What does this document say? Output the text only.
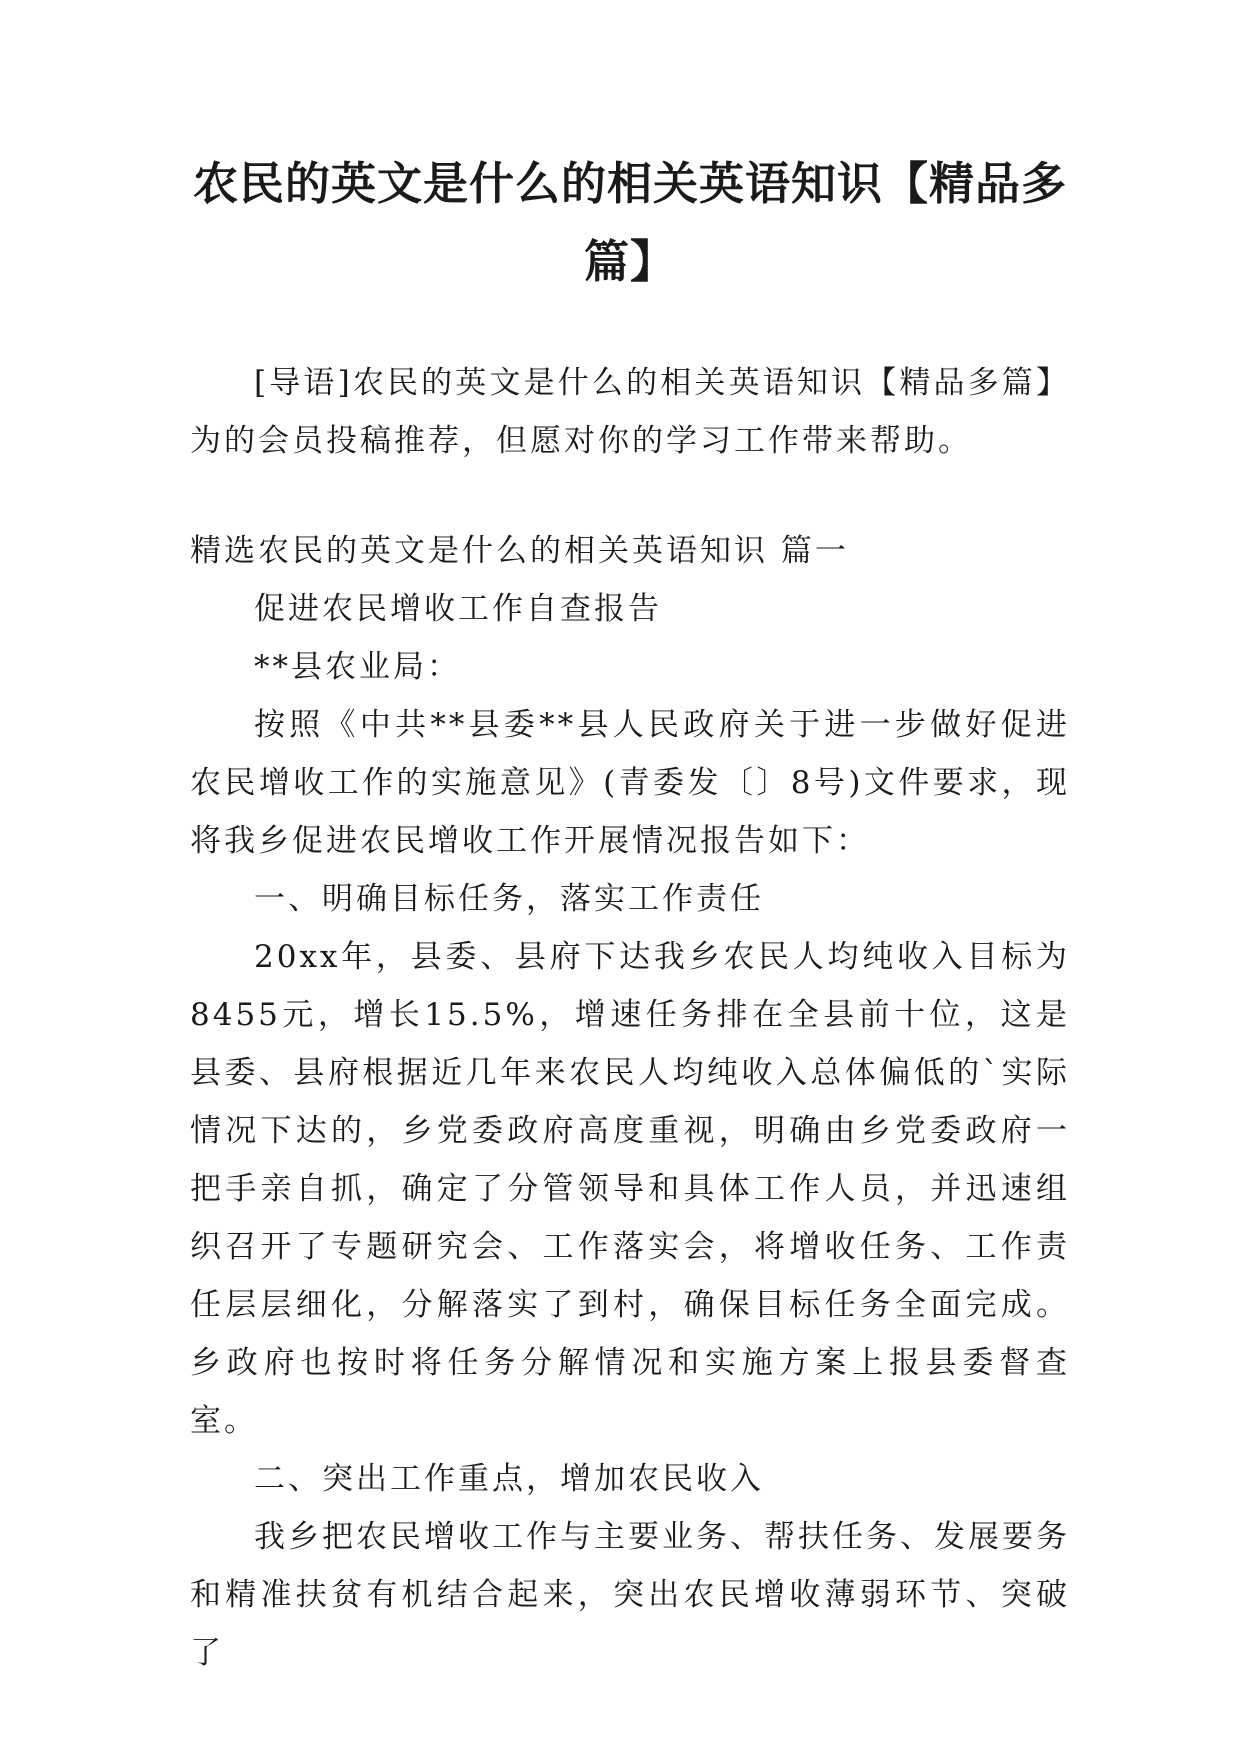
农民的英文是什么的相关英语知识【精品多篇】

[导语]农民的英文是什么的相关英语知识【精品多篇】为的会员投稿推荐，但愿对你的学习工作带来帮助。

精选农民的英文是什么的相关英语知识 篇一

促进农民增收工作自查报告

**县农业局：

按照《中共**县委**县人民政府关于进一步做好促进农民增收工作的实施意见》(青委发〔〕8号)文件要求，现将我乡促进农民增收工作开展情况报告如下：

一、明确目标任务，落实工作责任

20xx年，县委、县府下达我乡农民人均纯收入目标为8455元，增长15.5%，增速任务排在全县前十位，这是县委、县府根据近几年来农民人均纯收入总体偏低的`实际情况下达的，乡党委政府高度重视，明确由乡党委政府一把手亲自抓，确定了分管领导和具体工作人员，并迅速组织召开了专题研究会、工作落实会，将增收任务、工作责任层层细化，分解落实了到村，确保目标任务全面完成。乡政府也按时将任务分解情况和实施方案上报县委督查室。

二、突出工作重点，增加农民收入

我乡把农民增收工作与主要业务、帮扶任务、发展要务和精准扶贫有机结合起来，突出农民增收薄弱环节、突破了
